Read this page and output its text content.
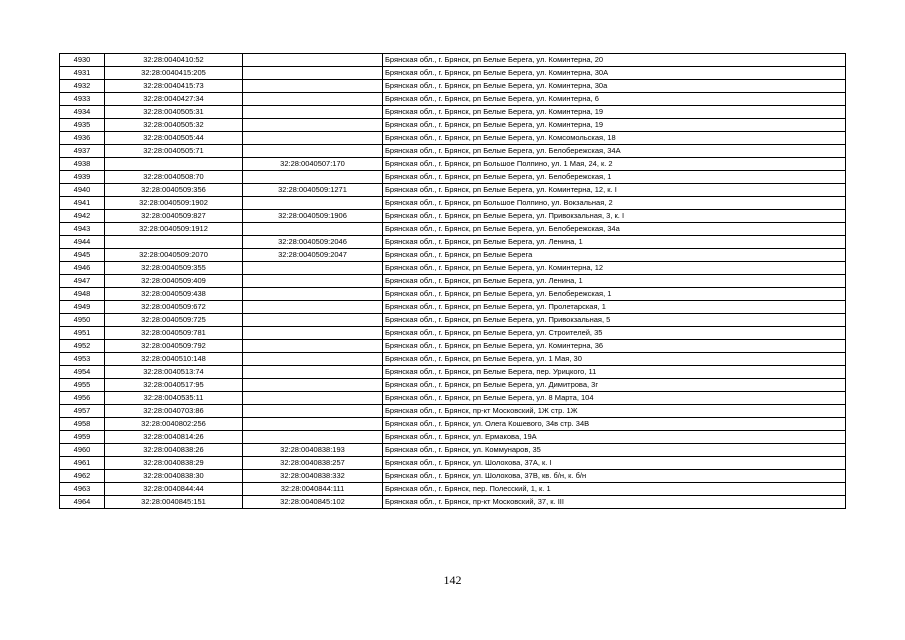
4930	32:28:0040410:52		Брянская обл., г. Брянск, рп Белые Берега, ул. Коминтерна, 20
4931	32:28:0040415:205		Брянская обл., г. Брянск, рп Белые Берега, ул. Коминтерна, 30А
4932	32:28:0040415:73		Брянская обл., г. Брянск, рп Белые Берега, ул. Коминтерна, 30а
4933	32:28:0040427:34		Брянская обл., г. Брянск, рп Белые Берега, ул. Коминтерна, 6
4934	32:28:0040505:31		Брянская обл., г. Брянск, рп Белые Берега, ул. Коминтерна, 19
4935	32:28:0040505:32		Брянская обл., г. Брянск, рп Белые Берега, ул. Коминтерна, 19
4936	32:28:0040505:44		Брянская обл., г. Брянск, рп Белые Берега, ул. Комсомольская, 18
4937	32:28:0040505:71		Брянская обл., г. Брянск, рп Белые Берега, ул. Белобережская, 34А
4938		32:28:0040507:170	Брянская обл., г. Брянск, рп Большое Полпино, ул. 1 Мая, 24, к. 2
4939	32:28:0040508:70		Брянская обл., г. Брянск, рп Белые Берега, ул. Белобережская, 1
4940	32:28:0040509:356	32:28:0040509:1271	Брянская обл., г. Брянск, рп Белые Берега, ул. Коминтерна, 12, к. I
4941	32:28:0040509:1902		Брянская обл., г. Брянск, рп Большое Полпино, ул. Вокзальная, 2
4942	32:28:0040509:827	32:28:0040509:1906	Брянская обл., г. Брянск, рп Белые Берега, ул. Привокзальная, 3, к. I
4943	32:28:0040509:1912		Брянская обл., г. Брянск, рп Белые Берега, ул. Белобережская, 34а
4944		32:28:0040509:2046	Брянская обл., г. Брянск, рп Белые Берега, ул. Ленина, 1
4945	32:28:0040509:2070	32:28:0040509:2047	Брянская обл., г. Брянск, рп Белые Берега
4946	32:28:0040509:355		Брянская обл., г. Брянск, рп Белые Берега, ул. Коминтерна, 12
4947	32:28:0040509:409		Брянская обл., г. Брянск, рп Белые Берега, ул. Ленина, 1
4948	32:28:0040509:438		Брянская обл., г. Брянск, рп Белые Берега, ул. Белобережская, 1
4949	32:28:0040509:672		Брянская обл., г. Брянск, рп Белые Берега, ул. Пролетарская, 1
4950	32:28:0040509:725		Брянская обл., г. Брянск, рп Белые Берега, ул. Привокзальная, 5
4951	32:28:0040509:781		Брянская обл., г. Брянск, рп Белые Берега, ул. Строителей, 35
4952	32:28:0040509:792		Брянская обл., г. Брянск, рп Белые Берега, ул. Коминтерна, 36
4953	32:28:0040510:148		Брянская обл., г. Брянск, рп Белые Берега, ул. 1 Мая, 30
4954	32:28:0040513:74		Брянская обл., г. Брянск, рп Белые Берега, пер. Урицкого, 11
4955	32:28:0040517:95		Брянская обл., г. Брянск, рп Белые Берега, ул. Димитрова, 3г
4956	32:28:0040535:11		Брянская обл., г. Брянск, рп Белые Берега, ул. 8 Марта, 104
4957	32:28:0040703:86		Брянская обл., г. Брянск, пр-кт Московский, 1Ж стр. 1Ж
4958	32:28:0040802:256		Брянская обл., г. Брянск, ул. Олега Кошевого, 34в стр. 34В
4959	32:28:0040814:26		Брянская обл., г. Брянск, ул. Ермакова, 19А
4960	32:28:0040838:26	32:28:0040838:193	Брянская обл., г. Брянск, ул. Коммунаров, 35
4961	32:28:0040838:29	32:28:0040838:257	Брянская обл., г. Брянск, ул. Шолохова, 37А, к. I
4962	32:28:0040838:30	32:28:0040838:332	Брянская обл., г. Брянск, ул. Шолохова, 37В, кв. б/н, к. б/н
4963	32:28:0040844:44	32:28:0040844:111	Брянская обл., г. Брянск, пер. Полесский, 1, к. 1
4964	32:28:0040845:151	32:28:0040845:102	Брянская обл., г. Брянск, пр-кт Московский, 37, к. III
142
